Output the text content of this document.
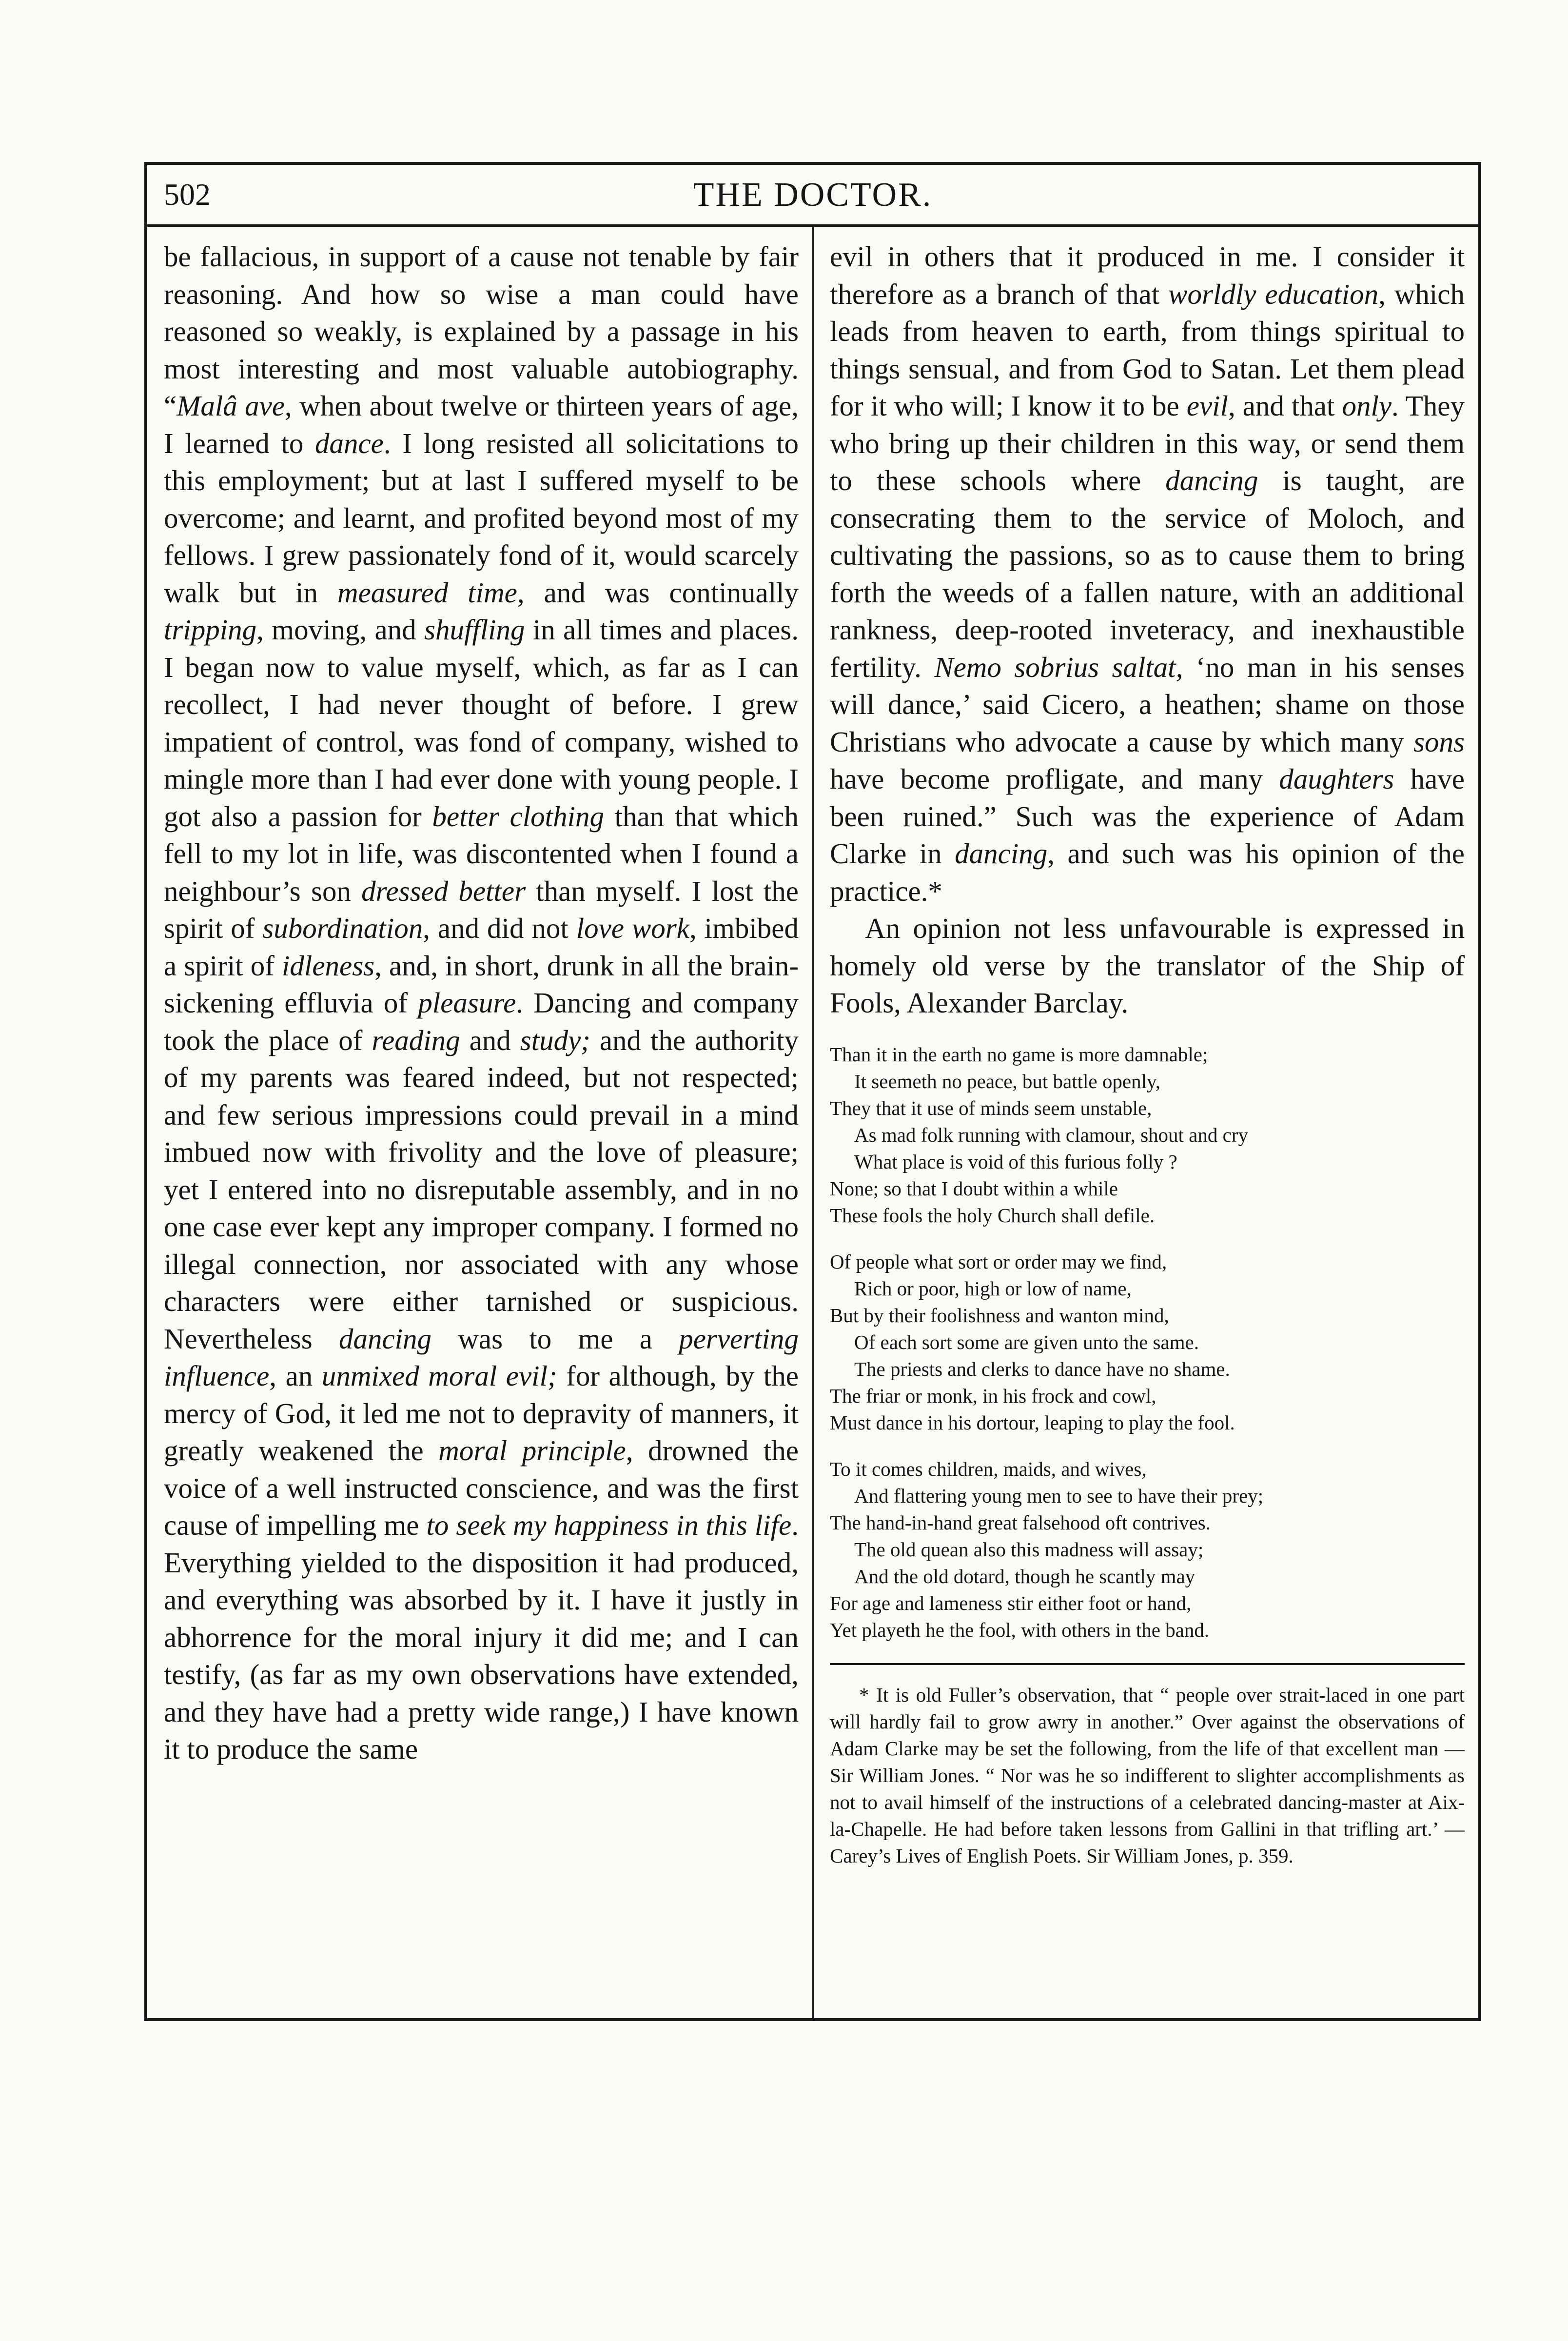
502	THE DOCTOR.

be fallacious, in support of a cause not tenable by fair reasoning. And how so wise a man could have reasoned so weakly, is explained by a passage in his most interesting and most valuable autobiography. “Malâ ave, when about twelve or thirteen years of age, I learned to dance. I long resisted all solicitations to this employment; but at last I suffered myself to be overcome; and learnt, and profited beyond most of my fellows. I grew passionately fond of it, would scarcely walk but in measured time, and was continually tripping, moving, and shuffling in all times and places. I began now to value myself, which, as far as I can recollect, I had never thought of before. I grew impatient of control, was fond of company, wished to mingle more than I had ever done with young people. I got also a passion for better clothing than that which fell to my lot in life, was discontented when I found a neighbour’s son dressed better than myself. I lost the spirit of subordination, and did not love work, imbibed a spirit of idleness, and, in short, drunk in all the brain-sickening effluvia of pleasure. Dancing and company took the place of reading and study; and the authority of my parents was feared indeed, but not respected; and few serious impressions could prevail in a mind imbued now with frivolity and the love of pleasure; yet I entered into no disreputable assembly, and in no one case ever kept any improper company. I formed no illegal connection, nor associated with any whose characters were either tarnished or suspicious. Nevertheless dancing was to me a perverting influence, an unmixed moral evil; for although, by the mercy of God, it led me not to depravity of manners, it greatly weakened the moral principle, drowned the voice of a well instructed conscience, and was the first cause of impelling me to seek my happiness in this life. Everything yielded to the disposition it had produced, and everything was absorbed by it. I have it justly in abhorrence for the moral injury it did me; and I can testify, (as far as my own observations have extended, and they have had a pretty wide range,) I have known it to produce the same

evil in others that it produced in me. I consider it therefore as a branch of that worldly education, which leads from heaven to earth, from things spiritual to things sensual, and from God to Satan. Let them plead for it who will; I know it to be evil, and that only. They who bring up their children in this way, or send them to these schools where dancing is taught, are consecrating them to the service of Moloch, and cultivating the passions, so as to cause them to bring forth the weeds of a fallen nature, with an additional rankness, deep-rooted inveteracy, and inexhaustible fertility. Nemo sobrius saltat, ‘no man in his senses will dance,’ said Cicero, a heathen; shame on those Christians who advocate a cause by which many sons have become profligate, and many daughters have been ruined.” Such was the experience of Adam Clarke in dancing, and such was his opinion of the practice.*

An opinion not less unfavourable is expressed in homely old verse by the translator of the Ship of Fools, Alexander Barclay.

Than it in the earth no game is more damnable;
It seemeth no peace, but battle openly,
They that it use of minds seem unstable,
As mad folk running with clamour, shout and cry
What place is void of this furious folly ?
None; so that I doubt within a while
These fools the holy Church shall defile.
Of people what sort or order may we find,
Rich or poor, high or low of name,
But by their foolishness and wanton mind,
Of each sort some are given unto the same.
The priests and clerks to dance have no shame.
The friar or monk, in his frock and cowl,
Must dance in his dortour, leaping to play the fool.
To it comes children, maids, and wives,
And flattering young men to see to have their prey;
The hand-in-hand great falsehood oft contrives.
The old quean also this madness will assay;
And the old dotard, though he scantly may
For age and lameness stir either foot or hand,
Yet playeth he the fool, with others in the band.

* It is old Fuller’s observation, that “ people over strait-laced in one part will hardly fail to grow awry in another.” Over against the observations of Adam Clarke may be set the following, from the life of that excellent man — Sir William Jones. “ Nor was he so indifferent to slighter accomplishments as not to avail himself of the instructions of a celebrated dancing-master at Aix-la-Chapelle. He had before taken lessons from Gallini in that trifling art.’ — Carey’s Lives of English Poets. Sir William Jones, p. 359.
